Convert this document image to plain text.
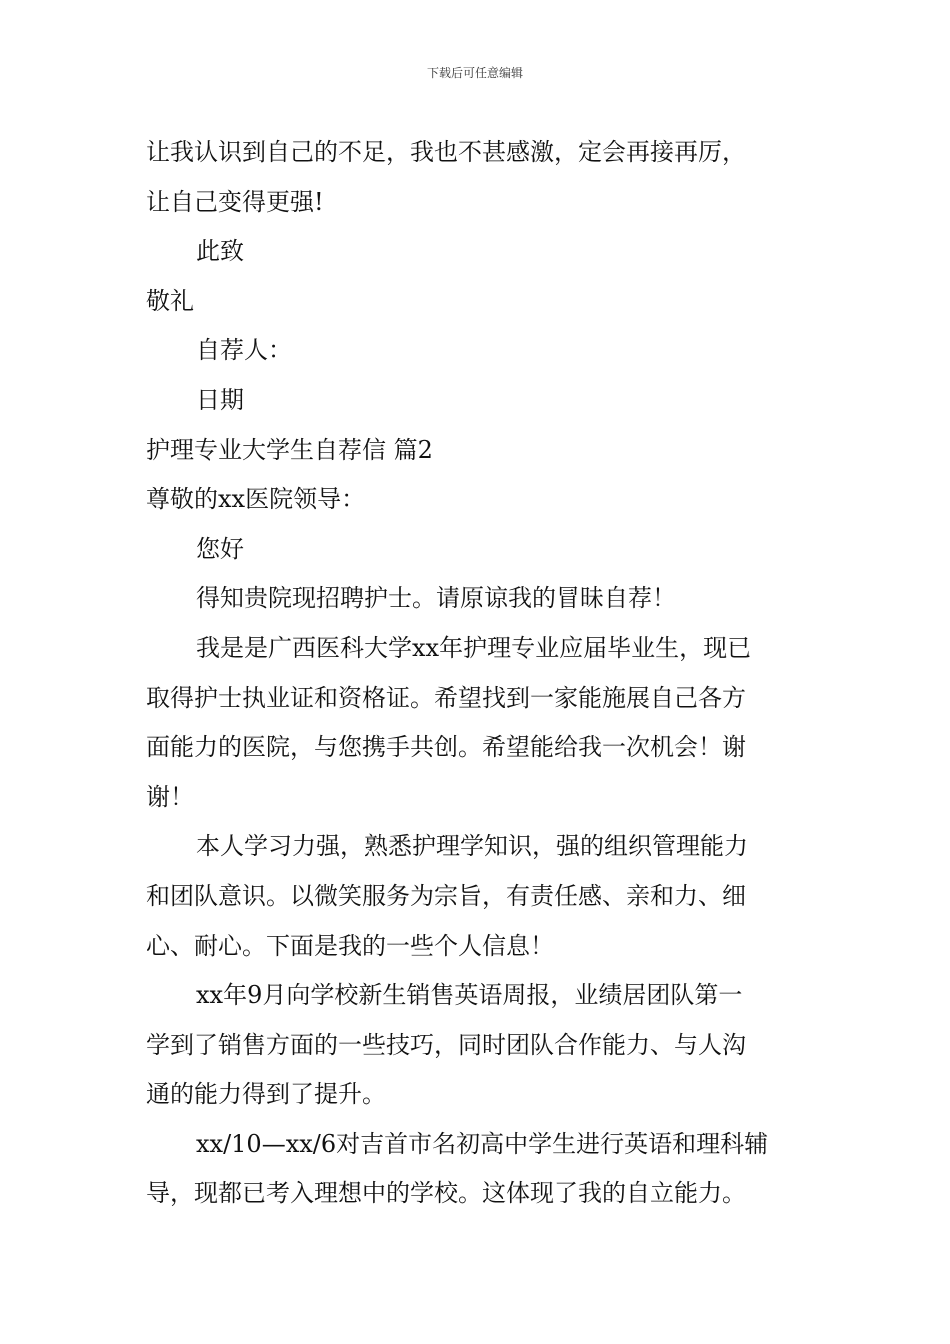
下载后可任意编辑

让我认识到自己的不足，我也不甚感激，定会再接再厉，

让自己变得更强!

此致

敬礼

自荐人：

日期

护理专业大学生自荐信 篇2

尊敬的xx医院领导：

您好

得知贵院现招聘护士。请原谅我的冒昧自荐！

我是是广西医科大学xx年护理专业应届毕业生，现已

取得护士执业证和资格证。希望找到一家能施展自己各方

面能力的医院，与您携手共创。希望能给我一次机会！谢

谢！

本人学习力强，熟悉护理学知识，强的组织管理能力

和团队意识。以微笑服务为宗旨，有责任感、亲和力、细

心、耐心。下面是我的一些个人信息！

xx年9月向学校新生销售英语周报，业绩居团队第一

学到了销售方面的一些技巧，同时团队合作能力、与人沟

通的能力得到了提升。

xx/10—xx/6对吉首市名初高中学生进行英语和理科辅

导，现都已考入理想中的学校。这体现了我的自立能力。
